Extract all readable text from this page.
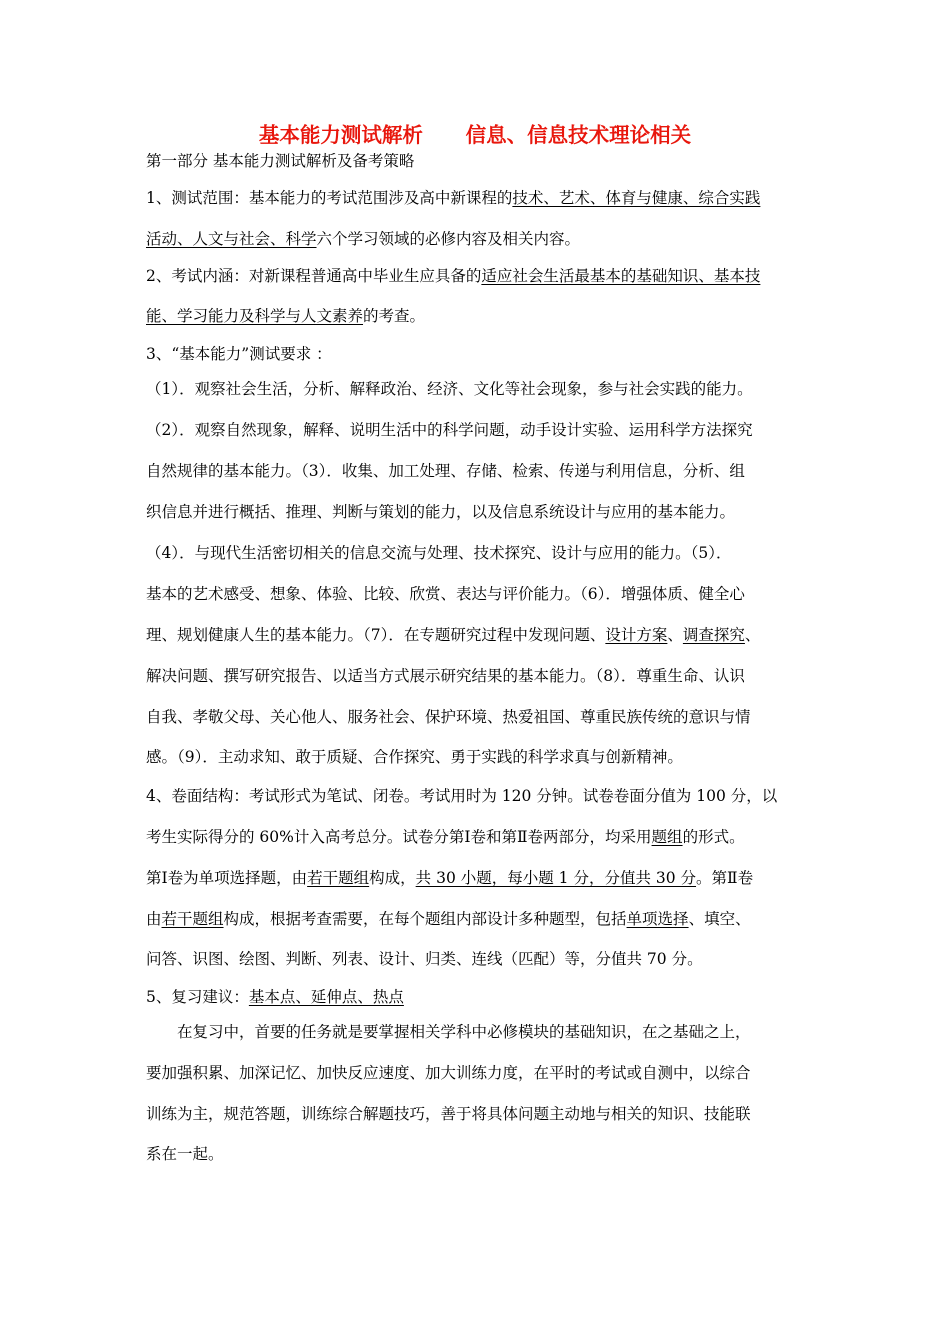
基本能力测试解析      信息、信息技术理论相关
第一部分 基本能力测试解析及备考策略
1、测试范围：基本能力的考试范围涉及高中新课程的技术、艺术、体育与健康、综合实践
活动、人文与社会、科学六个学习领域的必修内容及相关内容。
2、考试内涵：对新课程普通高中毕业生应具备的适应社会生活最基本的基础知识、基本技
能、学习能力及科学与人文素养的考查。
3、“基本能力”测试要求 ：
（1）．观察社会生活，分析、解释政治、经济、文化等社会现象，参与社会实践的能力。
（2）．观察自然现象，解释、说明生活中的科学问题，动手设计实验、运用科学方法探究
自然规律的基本能力。（3）．收集、加工处理、存储、检索、传递与利用信息，分析、组
织信息并进行概括、推理、判断与策划的能力，以及信息系统设计与应用的基本能力。
（4）．与现代生活密切相关的信息交流与处理、技术探究、设计与应用的能力。（5）．
基本的艺术感受、想象、体验、比较、欣赏、表达与评价能力。（6）．增强体质、健全心
理、规划健康人生的基本能力。（7）．在专题研究过程中发现问题、设计方案、调查探究、
解决问题、撰写研究报告、以适当方式展示研究结果的基本能力。（8）．尊重生命、认识
自我、孝敬父母、关心他人、服务社会、保护环境、热爱祖国、尊重民族传统的意识与情
感。（9）．主动求知、敢于质疑、合作探究、勇于实践的科学求真与创新精神。
4、卷面结构：考试形式为笔试、闭卷。考试用时为 120 分钟。试卷卷面分值为 100 分，以
考生实际得分的 60%计入高考总分。试卷分第Ⅰ卷和第Ⅱ卷两部分，均采用题组的形式。
第Ⅰ卷为单项选择题，由若干题组构成，共 30 小题，每小题 1 分，分值共 30 分。第Ⅱ卷
由若干题组构成，根据考查需要，在每个题组内部设计多种题型，包括单项选择、填空、
问答、识图、绘图、判断、列表、设计、归类、连线（匹配）等，分值共 70 分。
5、复习建议：基本点、延伸点、热点
在复习中，首要的任务就是要掌握相关学科中必修模块的基础知识，在之基础之上，
要加强积累、加深记忆、加快反应速度、加大训练力度，在平时的考试或自测中，以综合
训练为主，规范答题，训练综合解题技巧，善于将具体问题主动地与相关的知识、技能联
系在一起。
